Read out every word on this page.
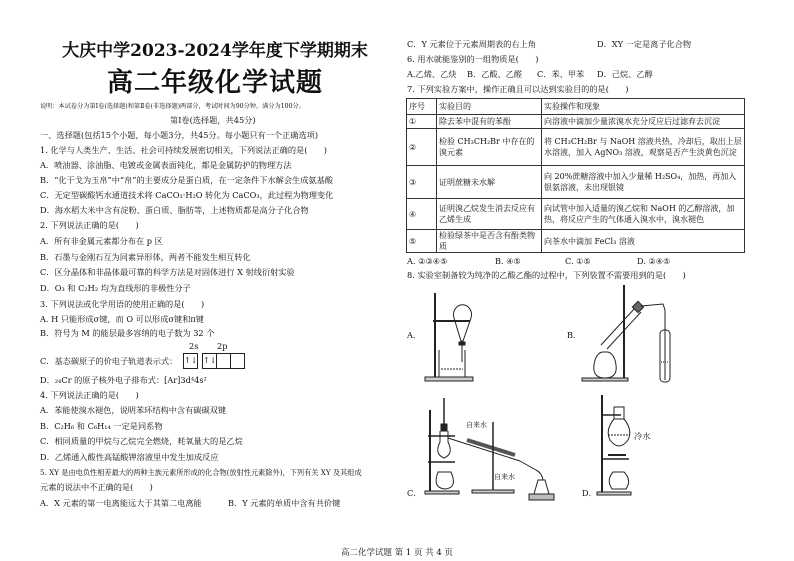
大庆中学2023-2024学年度下学期期末
高二年级化学试题
说明：本试卷分为第Ⅰ卷(选择题)和第Ⅱ卷(非选择题)两部分，考试时间为90分钟，满分为100分。
第Ⅰ卷(选择题，共45分)
一、选择题(包括15个小题，每小题3分，共45分。每小题只有一个正确选项)
1. 化学与人类生产、生活、社会可持续发展密切相关，下列说法正确的是(　　)
A．喷油器、涂油脂、电镀或金属表面钝化，都是金属防护的物理方法
B．“化干戈为玉帛”中“帛”的主要成分是蛋白质，在一定条件下水解会生成氨基酸
C．无定型碳酸钙水通道技术将 CaCO₃·H₂O 转化为 CaCO₃，此过程为物理变化
D．海水稻大米中含有淀粉、蛋白质、脂肪等，上述物质都是高分子化合物
2. 下列说法正确的是(　　)
A．所有非金属元素都分布在 p 区
B．石墨与金刚石互为同素异形体，两者不能发生相互转化
C．区分晶体和非晶体最可靠的科学方法是对固体进行 X 射线衍射实验
D．O₃ 和 C₂H₂ 均为直线形的非极性分子
3. 下列说法或化学用语的使用正确的是(　　)
A. H 只能形成σ键，而 O 可以形成σ键和π键
B．符号为 M 的能层最多容纳的电子数为 32 个
C．基态碳原子的价电子轨道表示式：
2s 2p
↑↓ ↑↓
D．₂₄Cr 的原子核外电子排布式：[Ar]3d⁴4s²
4. 下列说法正确的是(　　)
A．苯能使溴水褪色，说明苯环结构中含有碳碳双键
B．C₂H₆ 和 C₆H₁₄ 一定是同系物
C．相同质量的甲烷与乙烷完全燃烧，耗氧量大的是乙烷
D．乙烯通入酸性高锰酸钾溶液里中发生加成反应
5. XY 是由电负性相差最大的两种主族元素所形成的化合物(放射性元素除外)，下列有关 XY 及其组成
元素的说法中不正确的是(　　)
A．X 元素的第一电离能远大于其第二电离能	B．Y 元素的单质中含有共价键
C．Y 元素位于元素周期表的右上角	D．XY 一定是离子化合物
6. 用水就能鉴别的一组物质是(　　)
A.乙烯、乙炔 B．乙酸、乙醛 C．苯、甲苯 D．己烷、乙醇
7. 下列实验方案中，操作正确且可以达到实验目的的是(　　)
序号	实验目的	实验操作和现象
①	除去苯中混有的苯酚	向溶液中滴加少量浓溴水充分反应后过滤弃去沉淀
②	检验 CH₃CH₂Br 中存在的溴元素	将 CH₃CH₂Br 与 NaOH 溶液共热，冷却后，取出上层水溶液，加入 AgNO₃ 溶液，观察是否产生淡黄色沉淀
③	证明蔗糖未水解	向 20%蔗糖溶液中加入少量稀 H₂SO₄，加热，再加入银氨溶液，未出现银镜
④	证明溴乙烷发生消去反应有乙烯生成	向试管中加入适量的溴乙烷和 NaOH 的乙醇溶液，加热，将反应产生的气体通入溴水中，溴水褪色
⑤	检验绿茶中是否含有酚类物质	向茶水中滴加 FeCl₃ 溶液
A. ②③④⑤	B. ④⑤	C. ①⑤	D. ②④⑤
8. 实验室制备较为纯净的乙酸乙酯的过程中，下列装置不需要用到的是(　　)
A．	B．
C．	D．
自来水
自来水
冷水
高二化学试题 第 1 页 共 4 页
